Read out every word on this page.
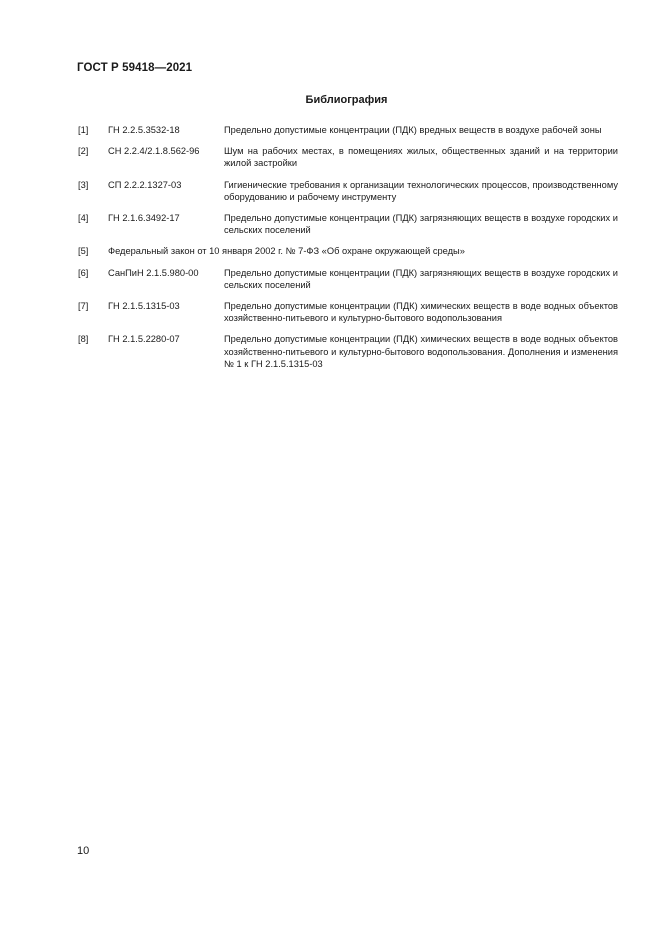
ГОСТ Р 59418—2021
Библиография
[1]	ГН 2.2.5.3532-18	Предельно допустимые концентрации (ПДК) вредных веществ в воздухе рабочей зоны
[2]	СН 2.2.4/2.1.8.562-96	Шум на рабочих местах, в помещениях жилых, общественных зданий и на территории жилой застройки
[3]	СП 2.2.2.1327-03	Гигиенические требования к организации технологических процессов, производственному оборудованию и рабочему инструменту
[4]	ГН 2.1.6.3492-17	Предельно допустимые концентрации (ПДК) загрязняющих веществ в воздухе городских и сельских поселений
[5]	Федеральный закон от 10 января 2002 г. № 7-ФЗ «Об охране окружающей среды»
[6]	СанПиН 2.1.5.980-00	Предельно допустимые концентрации (ПДК) загрязняющих веществ в воздухе городских и сельских поселений
[7]	ГН 2.1.5.1315-03	Предельно допустимые концентрации (ПДК) химических веществ в воде водных объектов хозяйственно-питьевого и культурно-бытового водопользования
[8]	ГН 2.1.5.2280-07	Предельно допустимые концентрации (ПДК) химических веществ в воде водных объектов хозяйственно-питьевого и культурно-бытового водопользования. Дополнения и изменения № 1 к ГН 2.1.5.1315-03
10
